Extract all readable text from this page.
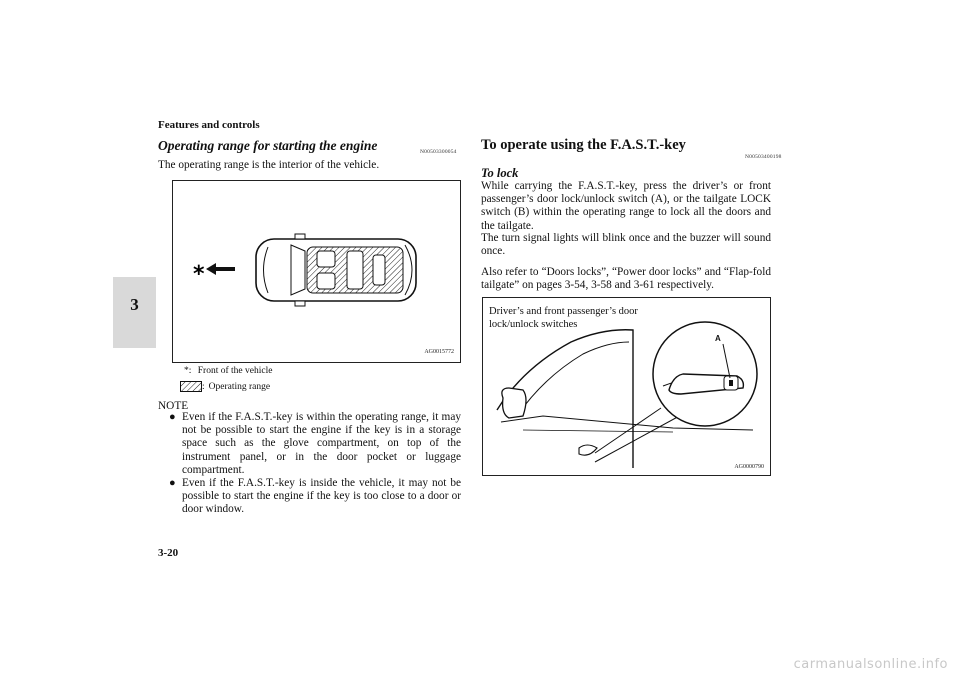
Features and controls
3
Operating range for starting the engine	N00503300054
The operating range is the interior of the vehicle.
*
AG0015772
*: Front of the vehicle
: Operating range
NOTE
● Even if the F.A.S.T.-key is within the operating range, it may not be possible to start the engine if the key is in a storage space such as the glove compartment, on top of the instrument panel, or in the door pocket or luggage compartment.
● Even if the F.A.S.T.-key is inside the vehicle, it may not be possible to start the engine if the key is too close to a door or door window.
To operate using the F.A.S.T.-key
N00503400198
To lock
While carrying the F.A.S.T.-key, press the driver’s or front passenger’s door lock/unlock switch (A), or the tailgate LOCK switch (B) within the operating range to lock all the doors and the tailgate.
The turn signal lights will blink once and the buzzer will sound once.
Also refer to “Doors locks”, “Power door locks” and “Flap-fold tailgate” on pages 3-54, 3-58 and 3-61 respectively.
Driver’s and front passenger’s door
lock/unlock switches
A
AG0000790
3-20
carmanualsonline.info
